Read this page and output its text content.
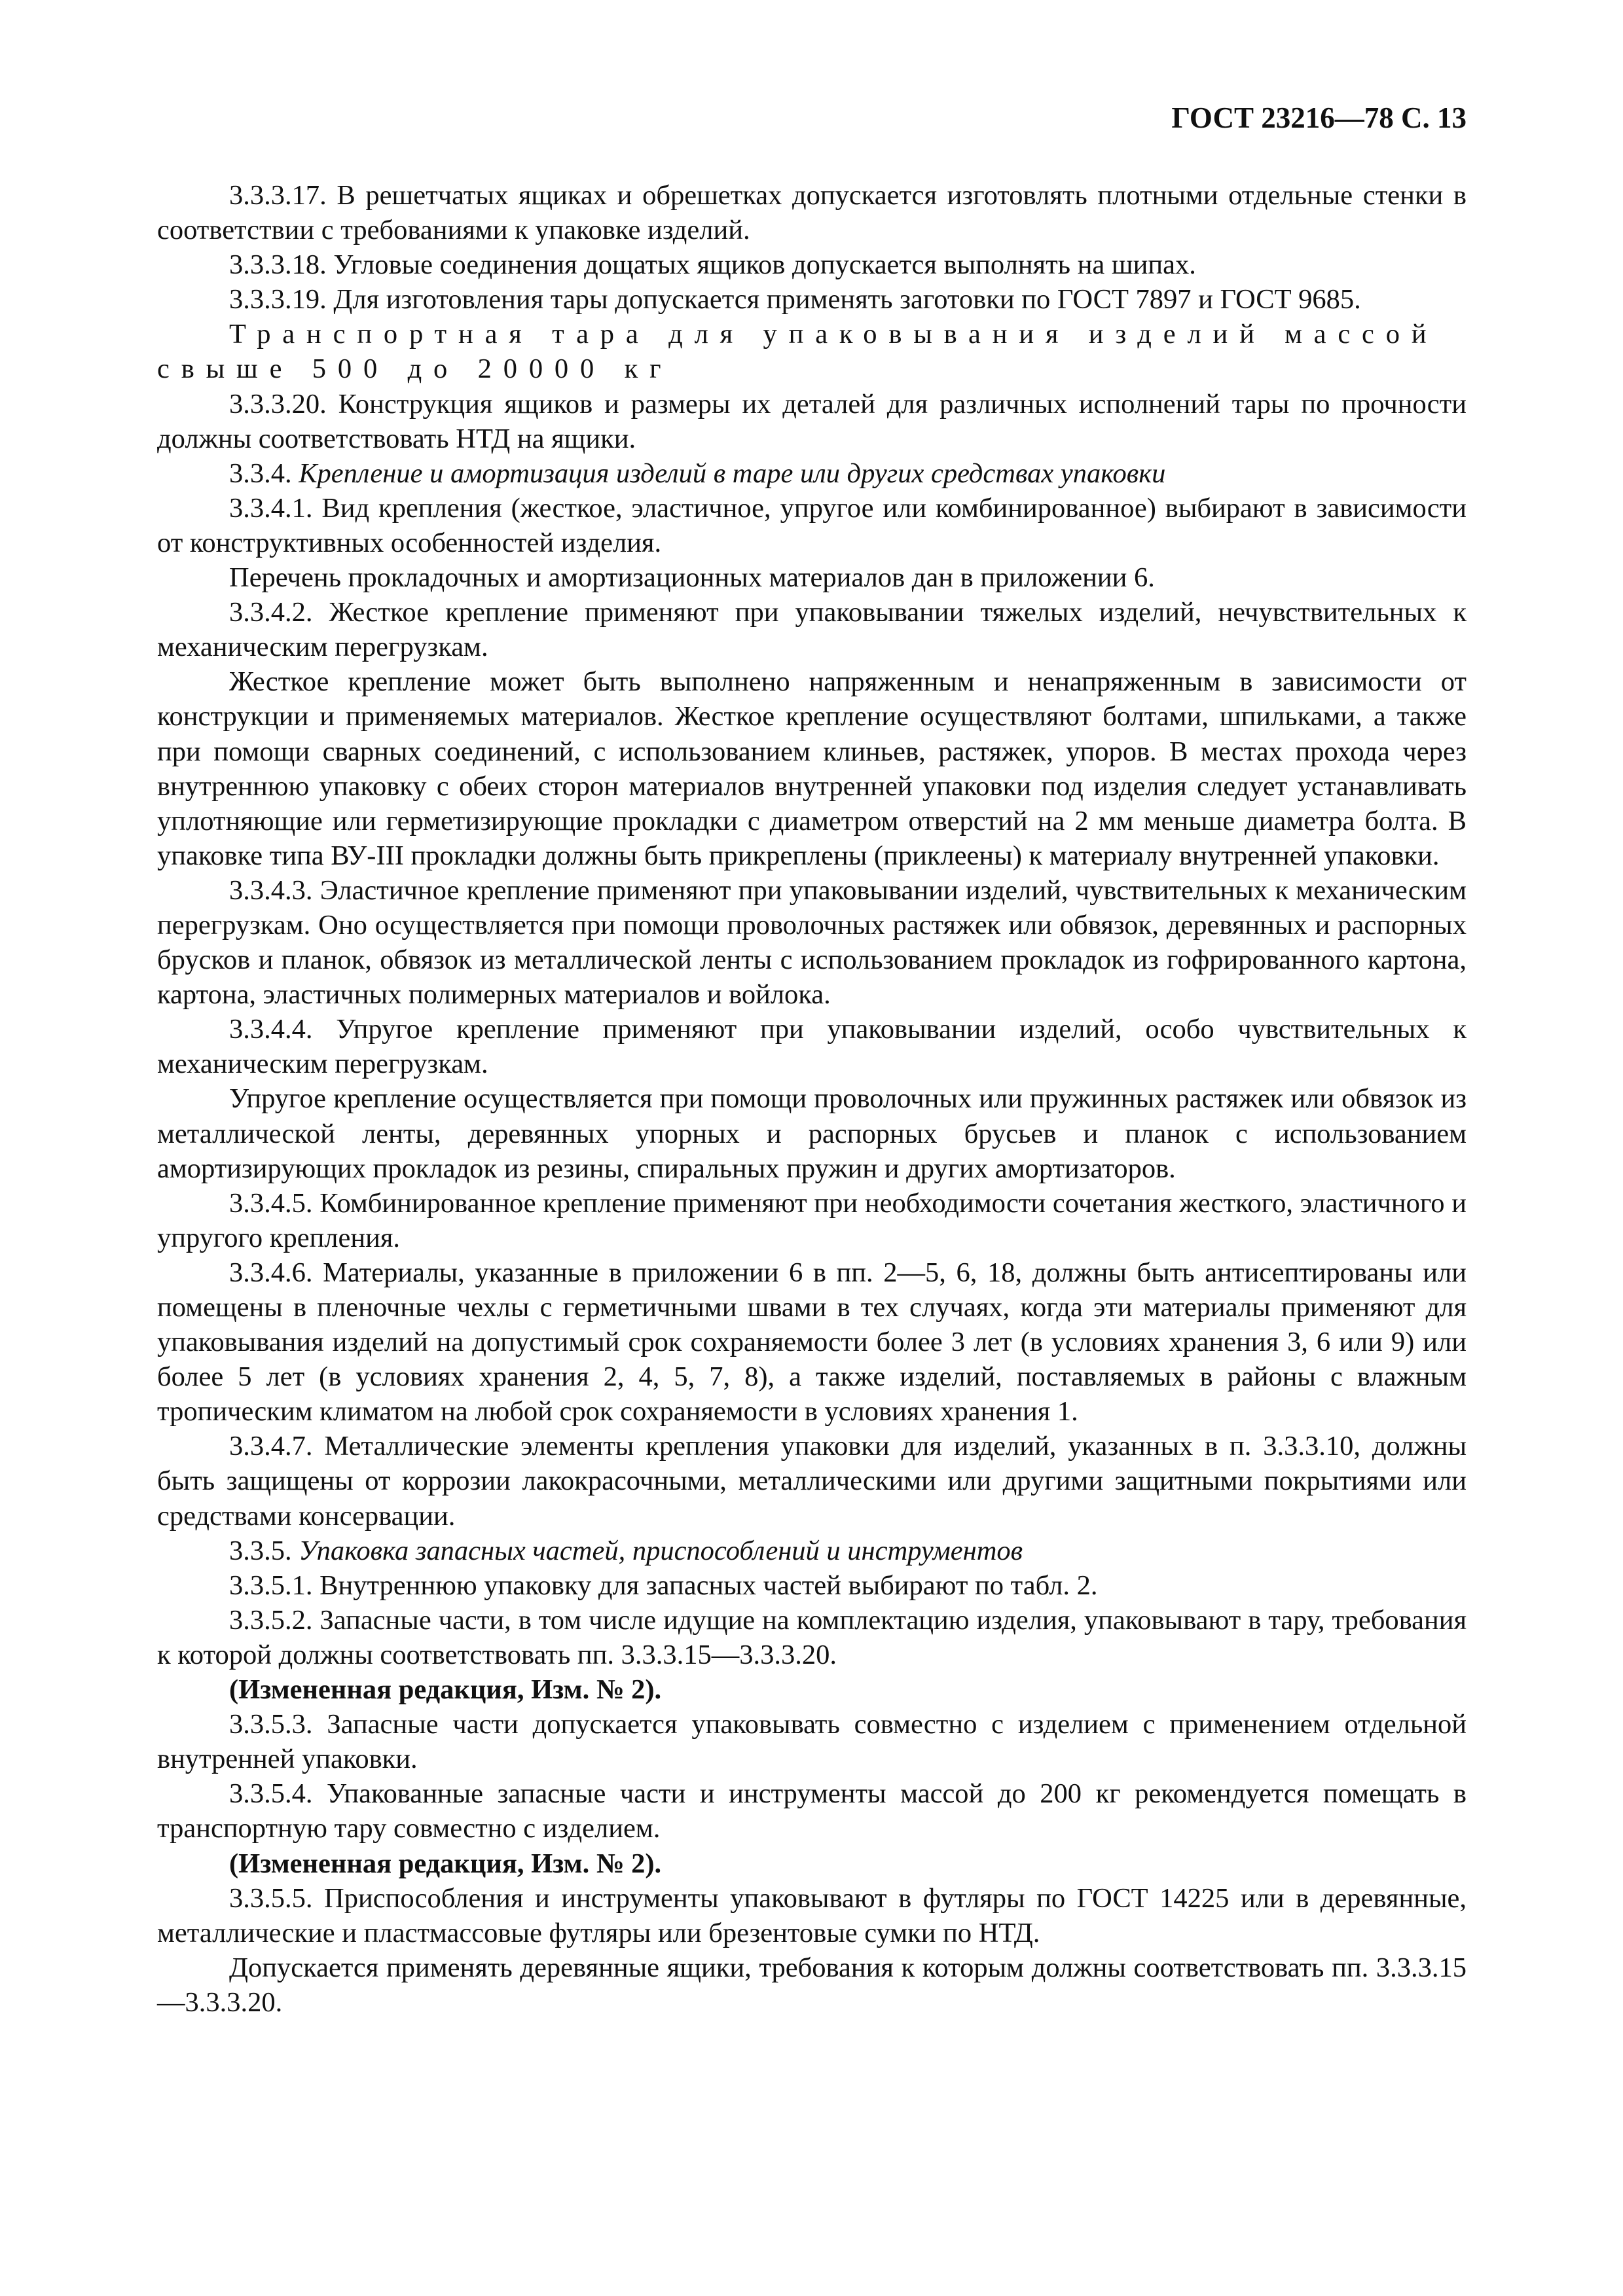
ГОСТ 23216—78 С. 13

3.3.3.17. В решетчатых ящиках и обрешетках допускается изготовлять плотными отдельные стенки в соответствии с требованиями к упаковке изделий.

3.3.3.18. Угловые соединения дощатых ящиков допускается выполнять на шипах.

3.3.3.19. Для изготовления тары допускается применять заготовки по ГОСТ 7897 и ГОСТ 9685.

Транспортная тара для упаковывания изделий массой свыше 500 до 20000 кг

3.3.3.20. Конструкция ящиков и размеры их деталей для различных исполнений тары по прочности должны соответствовать НТД на ящики.

3.3.4. Крепление и амортизация изделий в таре или других средствах упаковки

3.3.4.1. Вид крепления (жесткое, эластичное, упругое или комбинированное) выбирают в зависимости от конструктивных особенностей изделия.

Перечень прокладочных и амортизационных материалов дан в приложении 6.

3.3.4.2. Жесткое крепление применяют при упаковывании тяжелых изделий, нечувствительных к механическим перегрузкам.

Жесткое крепление может быть выполнено напряженным и ненапряженным в зависимости от конструкции и применяемых материалов. Жесткое крепление осуществляют болтами, шпильками, а также при помощи сварных соединений, с использованием клиньев, растяжек, упоров. В местах прохода через внутреннюю упаковку с обеих сторон материалов внутренней упаковки под изделия следует устанавливать уплотняющие или герметизирующие прокладки с диаметром отверстий на 2 мм меньше диаметра болта. В упаковке типа ВУ-III прокладки должны быть прикреплены (приклеены) к материалу внутренней упаковки.

3.3.4.3. Эластичное крепление применяют при упаковывании изделий, чувствительных к механическим перегрузкам. Оно осуществляется при помощи проволочных растяжек или обвязок, деревянных и распорных брусков и планок, обвязок из металлической ленты с использованием прокладок из гофрированного картона, картона, эластичных полимерных материалов и войлока.

3.3.4.4. Упругое крепление применяют при упаковывании изделий, особо чувствительных к механическим перегрузкам.

Упругое крепление осуществляется при помощи проволочных или пружинных растяжек или обвязок из металлической ленты, деревянных упорных и распорных брусьев и планок с использованием амортизирующих прокладок из резины, спиральных пружин и других амортизаторов.

3.3.4.5. Комбинированное крепление применяют при необходимости сочетания жесткого, эластичного и упругого крепления.

3.3.4.6. Материалы, указанные в приложении 6 в пп. 2—5, 6, 18, должны быть антисептированы или помещены в пленочные чехлы с герметичными швами в тех случаях, когда эти материалы применяют для упаковывания изделий на допустимый срок сохраняемости более 3 лет (в условиях хранения 3, 6 или 9) или более 5 лет (в условиях хранения 2, 4, 5, 7, 8), а также изделий, поставляемых в районы с влажным тропическим климатом на любой срок сохраняемости в условиях хранения 1.

3.3.4.7. Металлические элементы крепления упаковки для изделий, указанных в п. 3.3.3.10, должны быть защищены от коррозии лакокрасочными, металлическими или другими защитными покрытиями или средствами консервации.

3.3.5. Упаковка запасных частей, приспособлений и инструментов

3.3.5.1. Внутреннюю упаковку для запасных частей выбирают по табл. 2.

3.3.5.2. Запасные части, в том числе идущие на комплектацию изделия, упаковывают в тару, требования к которой должны соответствовать пп. 3.3.3.15—3.3.3.20.

(Измененная редакция, Изм. № 2).

3.3.5.3. Запасные части допускается упаковывать совместно с изделием с применением отдельной внутренней упаковки.

3.3.5.4. Упакованные запасные части и инструменты массой до 200 кг рекомендуется помещать в транспортную тару совместно с изделием.

(Измененная редакция, Изм. № 2).

3.3.5.5. Приспособления и инструменты упаковывают в футляры по ГОСТ 14225 или в деревянные, металлические и пластмассовые футляры или брезентовые сумки по НТД.

Допускается применять деревянные ящики, требования к которым должны соответствовать пп. 3.3.3.15—3.3.3.20.
